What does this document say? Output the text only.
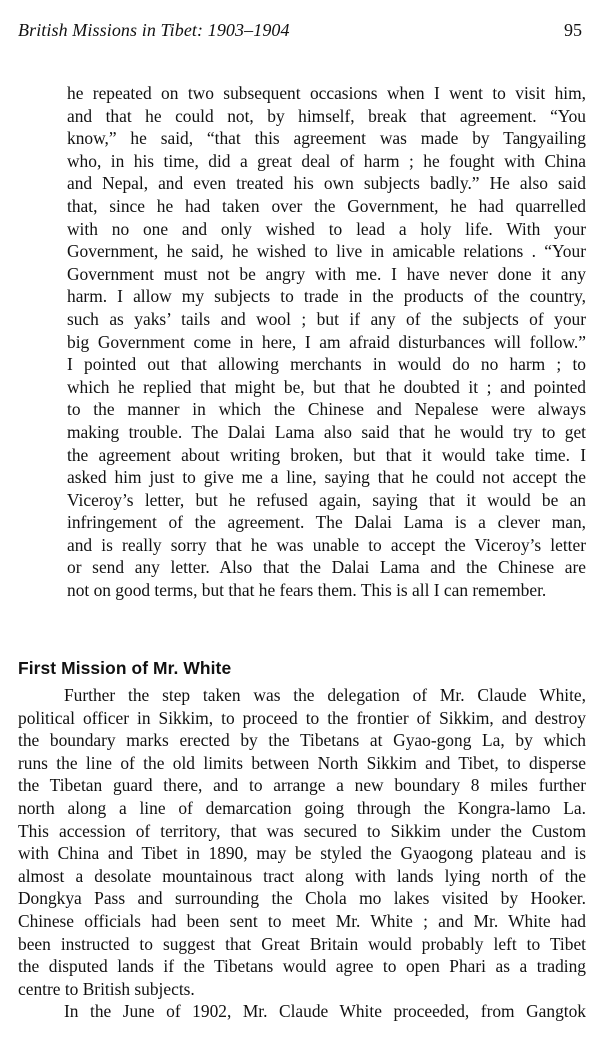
British Missions in Tibet: 1903–1904	95
he repeated on two subsequent occasions when I went to visit him,
and that he could not, by himself, break that agreement. “You
know,” he said, “that this agreement was made by Tangyailing
who, in his time, did a great deal of harm ; he fought with China
and Nepal, and even treated his own subjects badly.” He also said
that, since he had taken over the Government, he had quarrelled
with no one and only wished to lead a holy life. With your
Government, he said, he wished to live in amicable relations . “Your
Government must not be angry with me. I have never done it any
harm. I allow my subjects to trade in the products of the country,
such as yaks’ tails and wool ; but if any of the subjects of your
big Government come in here, I am afraid disturbances will follow.”
I pointed out that allowing merchants in would do no harm ; to
which he replied that might be, but that he doubted it ; and pointed
to the manner in which the Chinese and Nepalese were always
making trouble. The Dalai Lama also said that he would try to get
the agreement about writing broken, but that it would take time. I
asked him just to give me a line, saying that he could not accept the
Viceroy’s letter, but he refused again, saying that it would be an
infringement of the agreement. The Dalai Lama is a clever man,
and is really sorry that he was unable to accept the Viceroy’s letter
or send any letter. Also that the Dalai Lama and the Chinese are
not on good terms, but that he fears them. This is all I can remember.
First Mission of Mr. White
Further the step taken was the delegation of Mr. Claude White,
political officer in Sikkim, to proceed to the frontier of Sikkim, and destroy
the boundary marks erected by the Tibetans at Gyao-gong La, by which
runs the line of the old limits between North Sikkim and Tibet, to disperse
the Tibetan guard there, and to arrange a new boundary 8 miles further
north along a line of demarcation going through the Kongra-lamo La.
This accession of territory, that was secured to Sikkim under the Custom
with China and Tibet in 1890, may be styled the Gyaogong plateau and is
almost a desolate mountainous tract along with lands lying north of the
Dongkya Pass and surrounding the Chola mo lakes visited by Hooker.
Chinese officials had been sent to meet Mr. White ; and Mr. White had
been instructed to suggest that Great Britain would probably left to Tibet
the disputed lands if the Tibetans would agree to open Phari as a trading
centre to British subjects.
In the June of 1902, Mr. Claude White proceeded, from Gangtok
